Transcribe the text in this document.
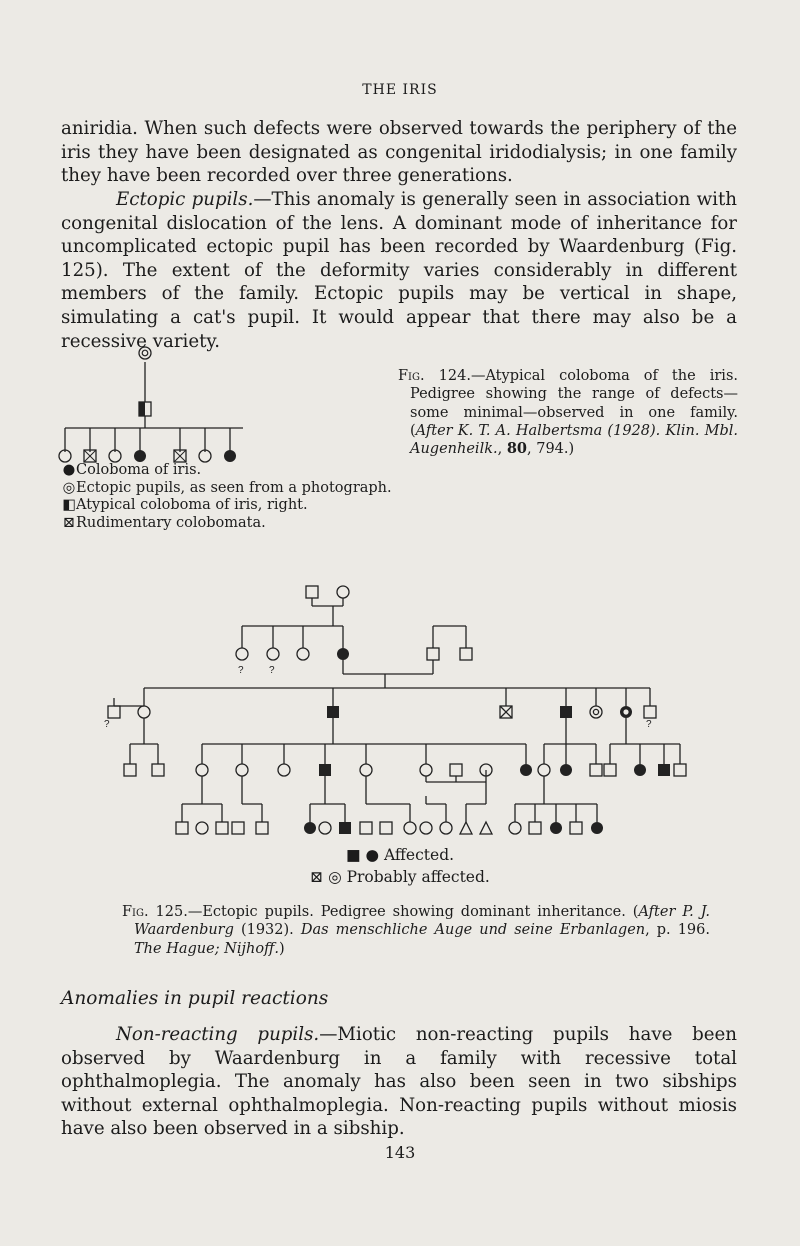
THE IRIS

aniridia. When such defects were observed towards the periphery of the iris they have been designated as congenital iridodialysis; in one family they have been recorded over three generations.

Ectopic pupils.—This anomaly is generally seen in association with congenital dislocation of the lens. A dominant mode of inheritance for uncomplicated ectopic pupil has been recorded by Waardenburg (Fig. 125). The extent of the deformity varies considerably in different members of the family. Ectopic pupils may be vertical in shape, simulating a cat's pupil. It would appear that there may also be a recessive variety.

●Coloboma of iris.
◎Ectopic pupils, as seen from a photograph.
◧Atypical coloboma of iris, right.
⊠Rudimentary colobomata.
Fig. 124.—Atypical coloboma of the iris. Pedigree showing the range of defects—some minimal—observed in one family. (After K. T. A. Halbertsma (1928). Klin. Mbl. Augenheilk., 80, 794.)
?	?
?	?
■ ● Affected.
⊠ ◎ Probably affected.
Fig. 125.—Ectopic pupils. Pedigree showing dominant inheritance. (After P. J. Waardenburg (1932). Das menschliche Auge und seine Erbanlagen, p. 196. The Hague; Nijhoff.)
Anomalies in pupil reactions

Non-reacting pupils.—Miotic non-reacting pupils have been observed by Waardenburg in a family with recessive total ophthalmoplegia. The anomaly has also been seen in two sibships without external ophthalmoplegia. Non-reacting pupils without miosis have also been observed in a sibship.

143
